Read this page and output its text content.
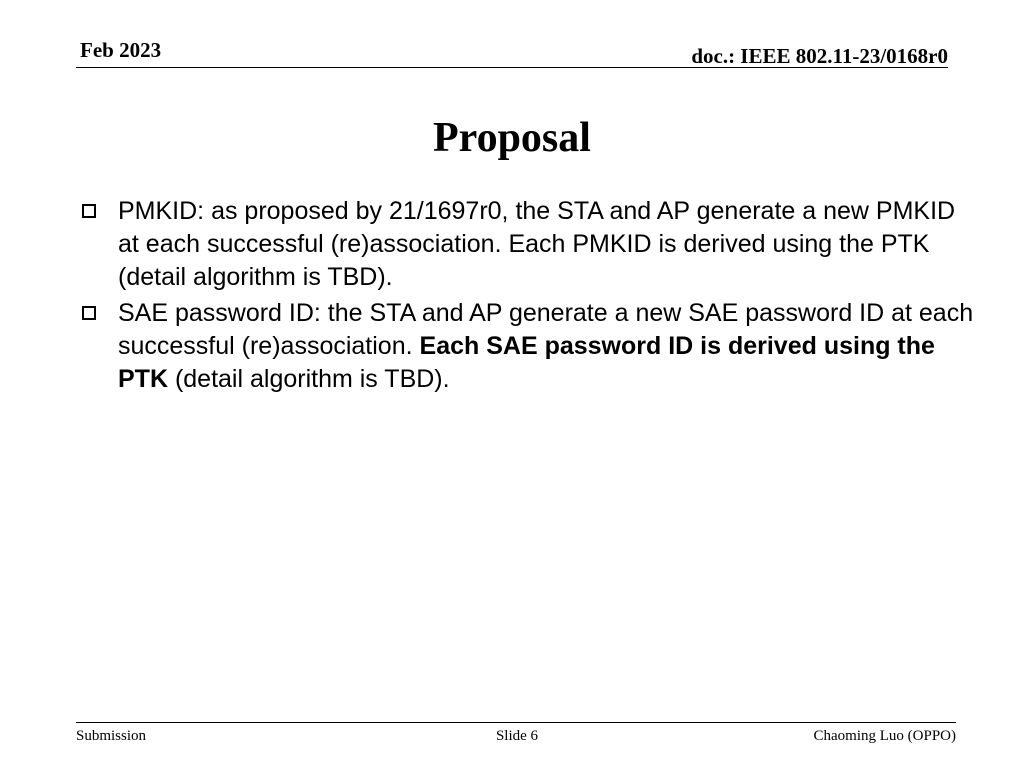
Feb 2023	doc.: IEEE 802.11-23/0168r0
Proposal
PMKID: as proposed by 21/1697r0, the STA and AP generate a new PMKID at each successful (re)association. Each PMKID is derived using the PTK (detail algorithm is TBD).
SAE password ID: the STA and AP generate a new SAE password ID at each successful (re)association. Each SAE password ID is derived using the PTK (detail algorithm is TBD).
Submission	Slide 6	Chaoming Luo (OPPO)
